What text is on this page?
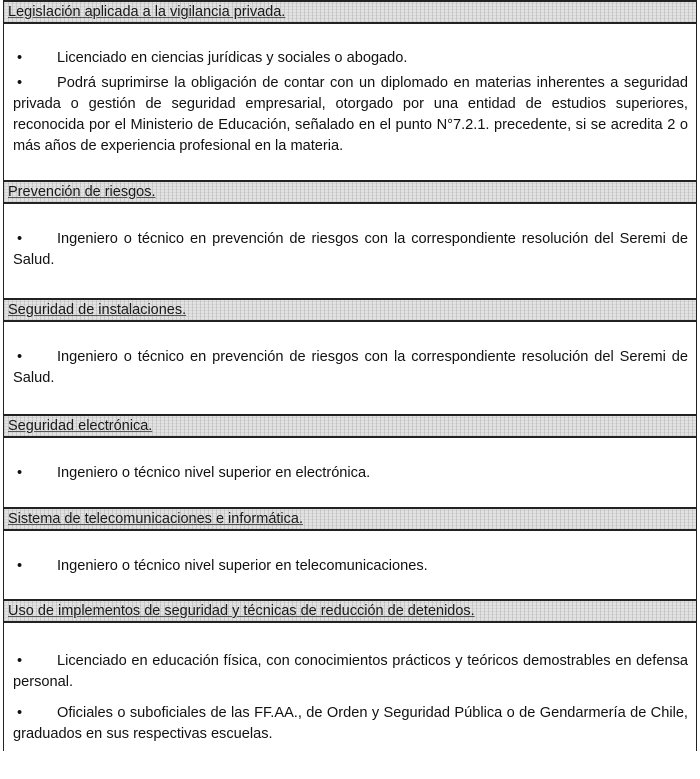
Legislación aplicada a la vigilancia privada.

• Licenciado en ciencias jurídicas y sociales o abogado.

• Podrá suprimirse la obligación de contar con un diplomado en materias inherentes a seguridad privada o gestión de seguridad empresarial, otorgado por una entidad de estudios superiores, reconocida por el Ministerio de Educación, señalado en el punto N°7.2.1. precedente, si se acredita 2 o más años de experiencia profesional en la materia.

Prevención de riesgos.

• Ingeniero o técnico en prevención de riesgos con la correspondiente resolución del Seremi de Salud.

Seguridad de instalaciones.

• Ingeniero o técnico en prevención de riesgos con la correspondiente resolución del Seremi de Salud.

Seguridad electrónica.

• Ingeniero o técnico nivel superior en electrónica.

Sistema de telecomunicaciones e informática.

• Ingeniero o técnico nivel superior en telecomunicaciones.

Uso de implementos de seguridad y técnicas de reducción de detenidos.

• Licenciado en educación física, con conocimientos prácticos y teóricos demostrables en defensa personal.

• Oficiales o suboficiales de las FF.AA., de Orden y Seguridad Pública o de Gendarmería de Chile, graduados en sus respectivas escuelas.
